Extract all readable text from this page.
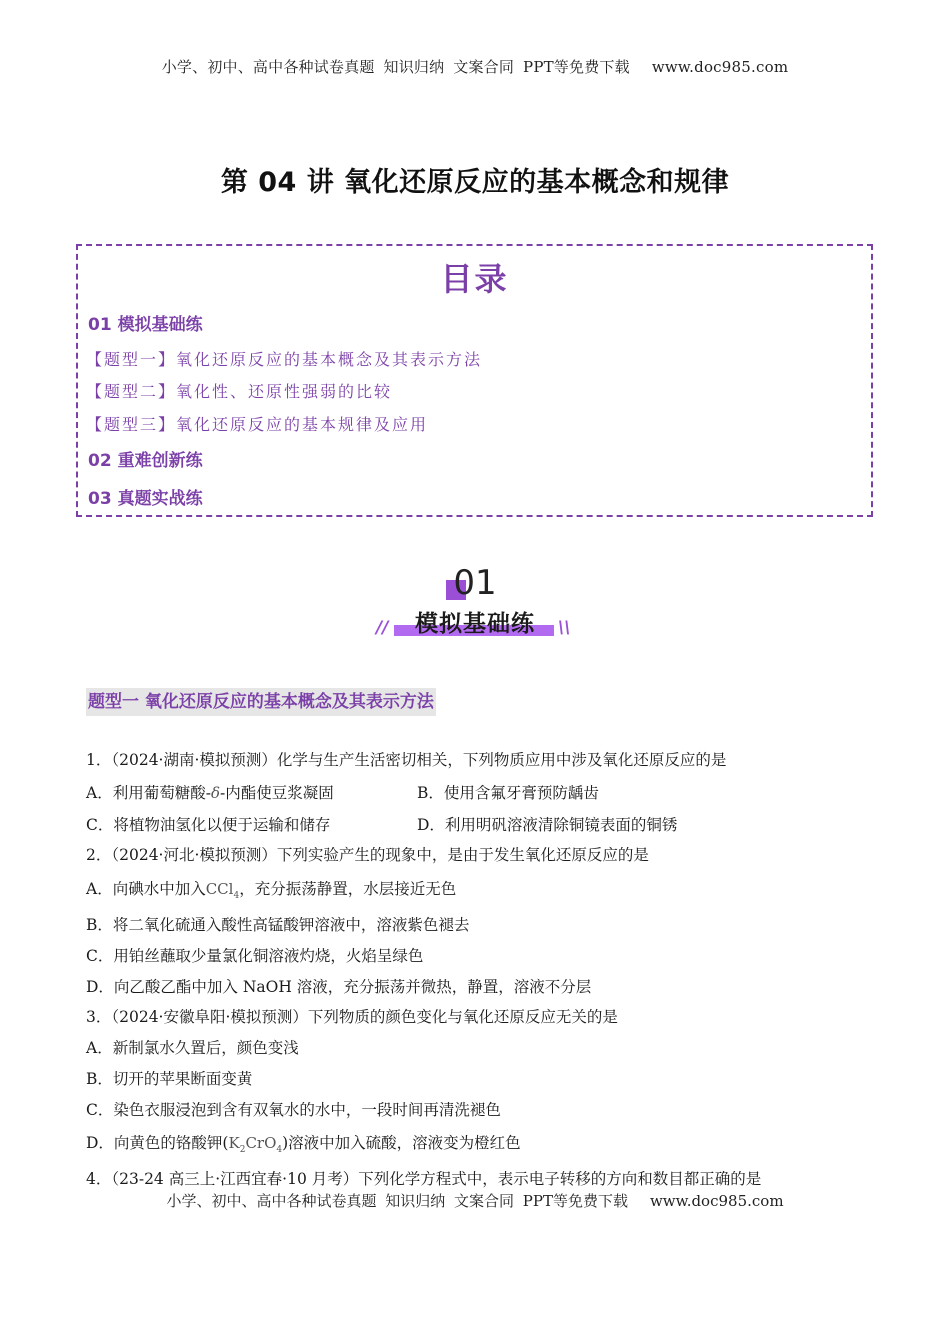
小学、初中、高中各种试卷真题 知识归纳 文案合同 PPT等免费下载 www.doc985.com
第 04 讲 氧化还原反应的基本概念和规律
目录
01 模拟基础练
【题型一】氧化还原反应的基本概念及其表示方法
【题型二】氧化性、还原性强弱的比较
【题型三】氧化还原反应的基本规律及应用
02 重难创新练
03 真题实战练
01
模拟基础练
//	\\
题型一 氧化还原反应的基本概念及其表示方法
1．（2024·湖南·模拟预测）化学与生产生活密切相关，下列物质应用中涉及氧化还原反应的是
A．利用葡萄糖酸-δ-内酯使豆浆凝固	B．使用含氟牙膏预防龋齿
C．将植物油氢化以便于运输和储存	D．利用明矾溶液清除铜镜表面的铜锈
2．（2024·河北·模拟预测）下列实验产生的现象中，是由于发生氧化还原反应的是
A．向碘水中加入CCl$_4$，充分振荡静置，水层接近无色
B．将二氧化硫通入酸性高锰酸钾溶液中，溶液紫色褪去
C．用铂丝蘸取少量氯化铜溶液灼烧，火焰呈绿色
D．向乙酸乙酯中加入 NaOH 溶液，充分振荡并微热，静置，溶液不分层
3．（2024·安徽阜阳·模拟预测）下列物质的颜色变化与氧化还原反应无关的是
A．新制氯水久置后，颜色变浅
B．切开的苹果断面变黄
C．染色衣服浸泡到含有双氧水的水中，一段时间再清洗褪色
D．向黄色的铬酸钾$(K_2CrO_4)$溶液中加入硫酸，溶液变为橙红色
4．（23-24 高三上·江西宜春·10 月考）下列化学方程式中，表示电子转移的方向和数目都正确的是
小学、初中、高中各种试卷真题 知识归纳 文案合同 PPT等免费下载 www.doc985.com
